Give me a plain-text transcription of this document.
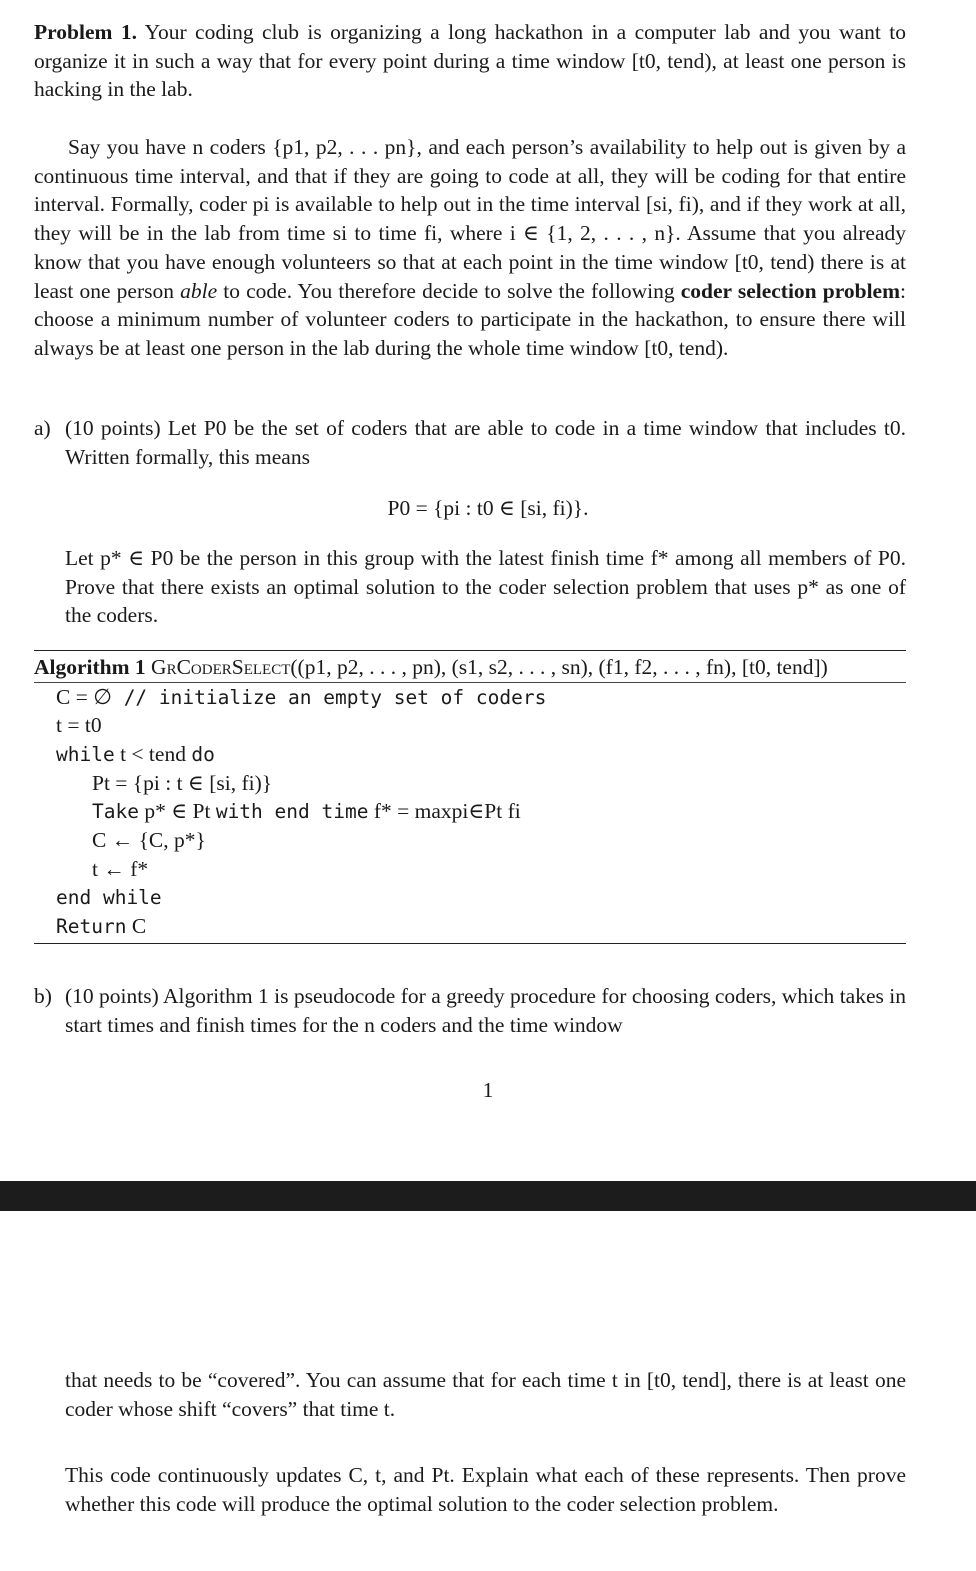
Problem 1. Your coding club is organizing a long hackathon in a computer lab and you want to organize it in such a way that for every point during a time window [t0, tend), at least one person is hacking in the lab.

Say you have n coders {p1, p2, . . . pn}, and each person’s availability to help out is given by a continuous time interval, and that if they are going to code at all, they will be coding for that entire interval. Formally, coder pi is available to help out in the time interval [si, fi), and if they work at all, they will be in the lab from time si to time fi, where i ∈ {1, 2, . . . , n}. Assume that you already know that you have enough volunteers so that at each point in the time window [t0, tend) there is at least one person able to code. You therefore decide to solve the following coder selection problem: choose a minimum number of volunteer coders to participate in the hackathon, to ensure there will always be at least one person in the lab during the whole time window [t0, tend).

a) (10 points) Let P0 be the set of coders that are able to code in a time window that includes t0. Written formally, this means
P0 = {pi : t0 ∈ [si, fi)}.
Let p* ∈ P0 be the person in this group with the latest finish time f* among all members of P0. Prove that there exists an optimal solution to the coder selection problem that uses p* as one of the coders.
Algorithm 1 GrCoderSelect((p1, p2, . . . , pn), (s1, s2, . . . , sn), (f1, f2, . . . , fn), [t0, tend])
C = ∅ // initialize an empty set of coders
t = t0
while t < tend do
Pt = {pi : t ∈ [si, fi)}
Take p* ∈ Pt with end time f* = maxpi∈Pt fi
C ← {C, p*}
t ← f*
end while
Return C
b) (10 points) Algorithm 1 is pseudocode for a greedy procedure for choosing coders, which takes in start times and finish times for the n coders and the time window
1
that needs to be “covered”. You can assume that for each time t in [t0, tend], there is at least one coder whose shift “covers” that time t.
This code continuously updates C, t, and Pt. Explain what each of these represents. Then prove whether this code will produce the optimal solution to the coder selection problem.
